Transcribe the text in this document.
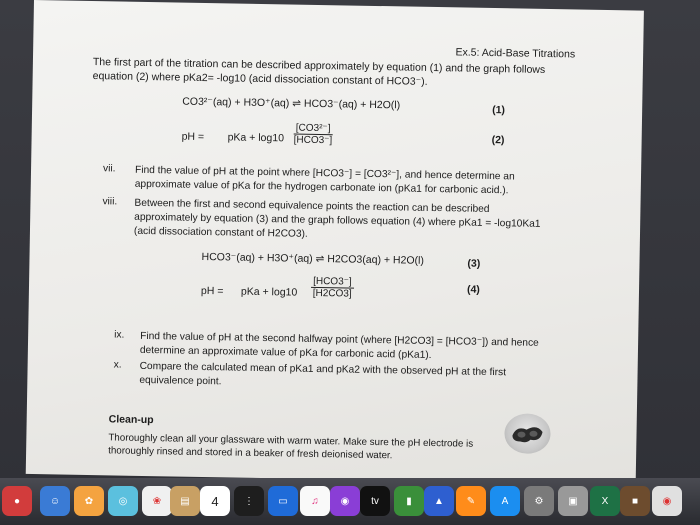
Ex.5: Acid-Base Titrations
The first part of the titration can be described approximately by equation (1) and the graph follows equation (2) where pKa2= -log10 (acid dissociation constant of HCO3⁻).
CO3²⁻(aq) + H3O⁺(aq) ⇌ HCO3⁻(aq) + H2O(l)	(1)
pH = pKa + log10
[CO3²⁻]
[HCO3⁻]	(2)
vii. Find the value of pH at the point where [HCO3⁻] = [CO3²⁻], and hence determine an approximate value of pKa for the hydrogen carbonate ion (pKa1 for carbonic acid.).
viii. Between the first and second equivalence points the reaction can be described approximately by equation (3) and the graph follows equation (4) where pKa1 = -log10Ka1 (acid dissociation constant of H2CO3).
HCO3⁻(aq) + H3O⁺(aq) ⇌ H2CO3(aq) + H2O(l)	(3)
pH = pKa + log10
[HCO3⁻]
[H2CO3]	(4)
ix. Find the value of pH at the second halfway point (where [H2CO3] = [HCO3⁻]) and hence determine an approximate value of pKa for carbonic acid (pKa1).
x. Compare the calculated mean of pKa1 and pKa2 with the observed pH at the first equivalence point.
Clean-up
Thoroughly clean all your glassware with warm water. Make sure the pH electrode is thoroughly rinsed and stored in a beaker of fresh deionised water.
●	☺	✿	◎	❀	▤	4	⋮	▭	♫	◉	tv	▮	▲	✎	A	⚙	▣	X	■	◉
